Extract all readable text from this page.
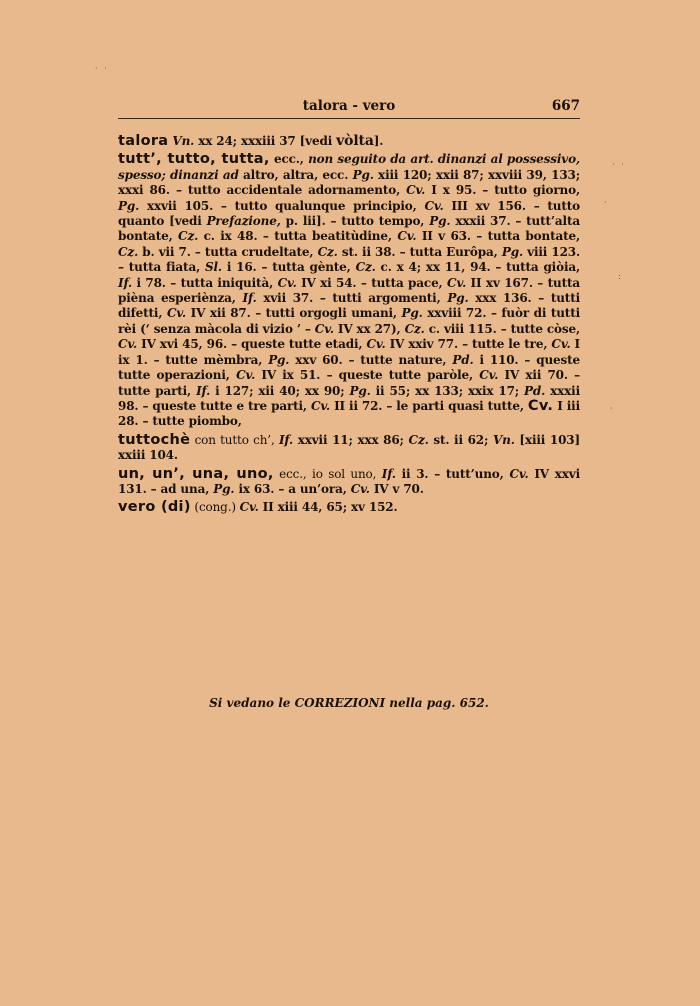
talora - vero	667

talora Vn. xx 24; xxxiii 37 [vedi vòlta].

tutt’, tutto, tutta, ecc., non seguito da art. dinanzi al possessivo, spesso; dinanzi ad altro, altra, ecc. Pg. xiii 120; xxii 87; xxviii 39, 133; xxxi 86. – tutto accidentale adornamento, Cv. I x 95. – tutto giorno, Pg. xxvii 105. – tutto qualunque principio, Cv. III xv 156. – tutto quanto [vedi Prefazione, p. lii]. – tutto tempo, Pg. xxxii 37. – tutt’alta bontate, Cz. c. ix 48. – tutta beatitùdine, Cv. II v 63. – tutta bontate, Cz. b. vii 7. – tutta crudeltate, Cz. st. ii 38. – tutta Eurôpa, Pg. viii 123. – tutta fiata, Sl. i 16. – tutta gènte, Cz. c. x 4; xx 11, 94. – tutta giòia, If. i 78. – tutta iniquità, Cv. IV xi 54. – tutta pace, Cv. II xv 167. – tutta pièna esperiènza, If. xvii 37. – tutti argomenti, Pg. xxx 136. – tutti difetti, Cv. IV xii 87. – tutti orgogli umani, Pg. xxviii 72. – fuòr di tutti rèi (‘ senza màcola di vizio ’ – Cv. IV xx 27), Cz. c. viii 115. – tutte còse, Cv. IV xvi 45, 96. – queste tutte etadi, Cv. IV xxiv 77. – tutte le tre, Cv. I ix 1. – tutte mèmbra, Pg. xxv 60. – tutte nature, Pd. i 110. – queste tutte operazioni, Cv. IV ix 51. – queste tutte paròle, Cv. IV xii 70. – tutte parti, If. i 127; xii 40; xx 90; Pg. ii 55; xx 133; xxix 17; Pd. xxxii 98. – queste tutte e tre parti, Cv. II ii 72. – le parti quasi tutte, Cv. I iii 28. – tutte piombo,

tuttochè con tutto ch’, If. xxvii 11; xxx 86; Cz. st. ii 62; Vn. [xiii 103] xxiii 104.

un, un’, una, uno, ecc., io sol uno, If. ii 3. – tutt’uno, Cv. IV xxvi 131. – ad una, Pg. ix 63. – a un’ora, Cv. IV v 70.

vero (di) (cong.) Cv. II xiii 44, 65; xv 152.

Si vedano le CORREZIONI nella pag. 652.
· ·
· ·
:
·
·
